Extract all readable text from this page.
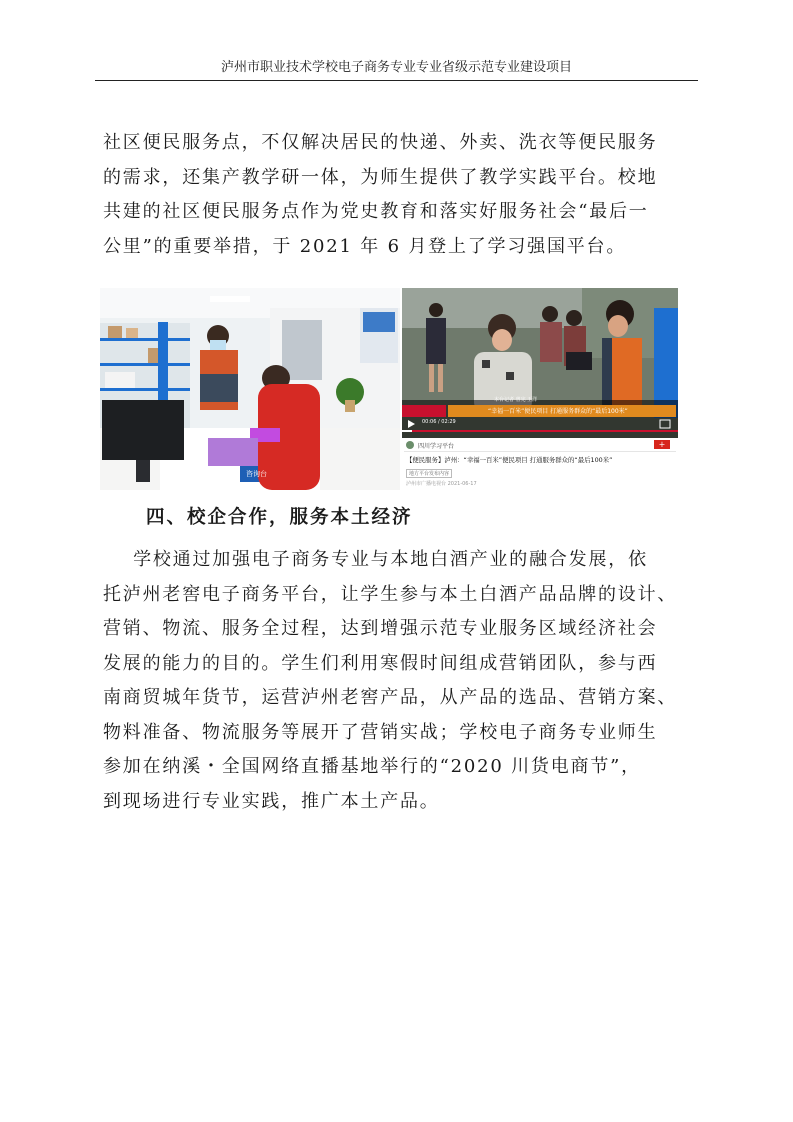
泸州市职业技术学校电子商务专业专业省级示范专业建设项目
社区便民服务点，不仅解决居民的快递、外卖、洗衣等便民服务
的需求，还集产教学研一体，为师生提供了教学实践平台。校地
共建的社区便民服务点作为党史教育和落实好服务社会“最后一
公里”的重要举措，于 2021 年 6 月登上了学习强国平台。
咨询台
“幸福一百米”便民项目 打通服务群众的“最后100米”
本台记者 曾宪 王洋
00:06 / 02:29
四川学习平台	+
【便民服务】泸州：“幸福一百米”便民项目 打通服务群众的“最后100米”
地方平台发布内容
泸州市广播电视台 2021-06-17

四、校企合作，服务本土经济

学校通过加强电子商务专业与本地白酒产业的融合发展，依
托泸州老窖电子商务平台，让学生参与本土白酒产品品牌的设计、
营销、物流、服务全过程，达到增强示范专业服务区域经济社会
发展的能力的目的。学生们利用寒假时间组成营销团队，参与西
南商贸城年货节，运营泸州老窖产品，从产品的选品、营销方案、
物料准备、物流服务等展开了营销实战；学校电子商务专业师生
参加在纳溪・全国网络直播基地举行的“2020 川货电商节”，
到现场进行专业实践，推广本土产品。
